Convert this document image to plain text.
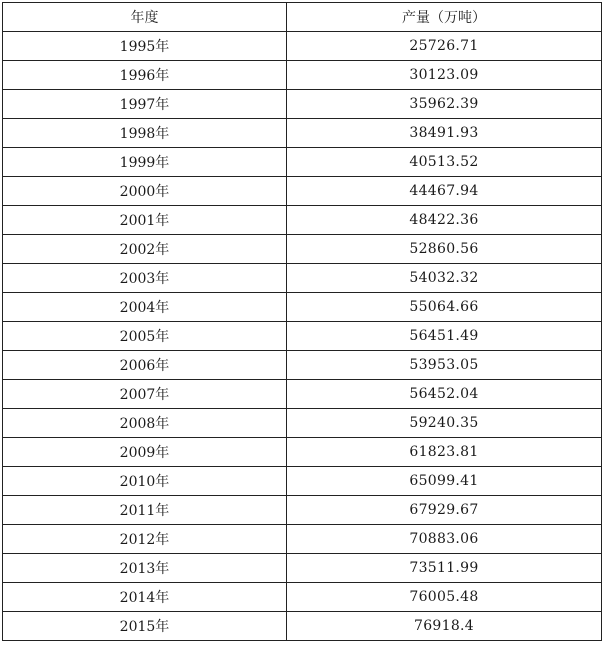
年度	产量（万吨）
1995年	25726.71
1996年	30123.09
1997年	35962.39
1998年	38491.93
1999年	40513.52
2000年	44467.94
2001年	48422.36
2002年	52860.56
2003年	54032.32
2004年	55064.66
2005年	56451.49
2006年	53953.05
2007年	56452.04
2008年	59240.35
2009年	61823.81
2010年	65099.41
2011年	67929.67
2012年	70883.06
2013年	73511.99
2014年	76005.48
2015年	76918.4
